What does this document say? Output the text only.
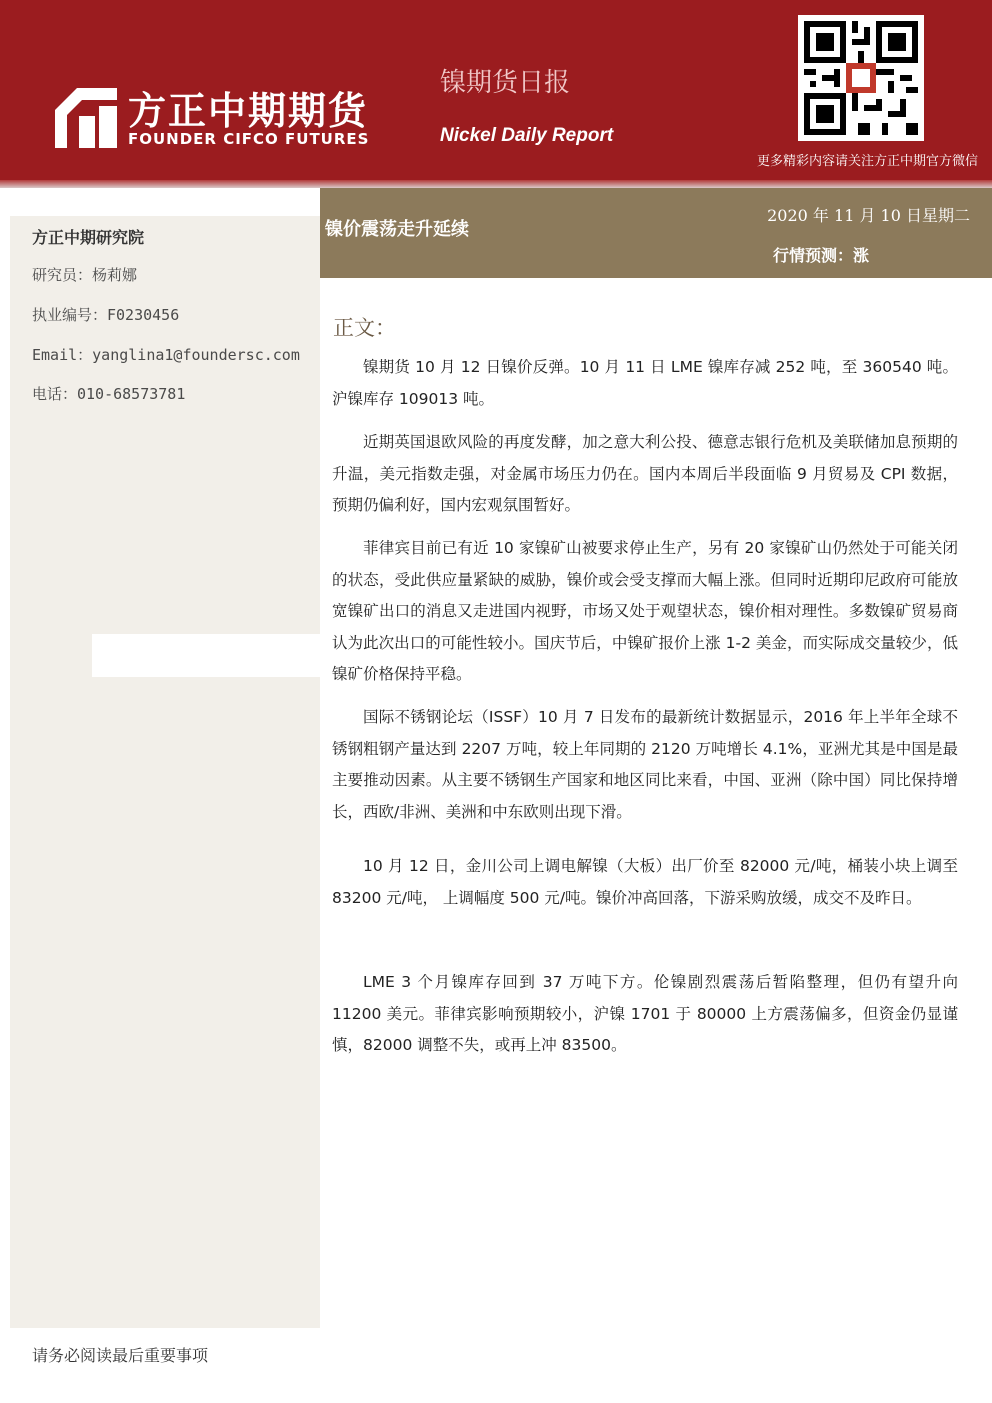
方正中期期货
FOUNDER CIFCO FUTURES
镍期货日报
Nickel Daily Report
更多精彩内容请关注方正中期官方微信
方正中期研究院
研究员：杨莉娜
执业编号：F0230456
Email：yanglina1@foundersc.com
电话：010-68573781
镍价震荡走升延续
2020 年 11 月 10 日星期二
行情预测：涨
正文：

镍期货 10 月 12 日镍价反弹。10 月 11 日 LME 镍库存减 252 吨，至 360540 吨。沪镍库存 109013 吨。

近期英国退欧风险的再度发酵，加之意大利公投、德意志银行危机及美联储加息预期的升温，美元指数走强，对金属市场压力仍在。国内本周后半段面临 9 月贸易及 CPI 数据，预期仍偏利好，国内宏观氛围暂好。

菲律宾目前已有近 10 家镍矿山被要求停止生产，另有 20 家镍矿山仍然处于可能关闭的状态，受此供应量紧缺的威胁，镍价或会受支撑而大幅上涨。但同时近期印尼政府可能放宽镍矿出口的消息又走进国内视野，市场又处于观望状态，镍价相对理性。多数镍矿贸易商认为此次出口的可能性较小。国庆节后，中镍矿报价上涨 1-2 美金，而实际成交量较少，低镍矿价格保持平稳。

国际不锈钢论坛（ISSF）10 月 7 日发布的最新统计数据显示，2016 年上半年全球不锈钢粗钢产量达到 2207 万吨，较上年同期的 2120 万吨增长 4.1%，亚洲尤其是中国是最主要推动因素。从主要不锈钢生产国家和地区同比来看，中国、亚洲（除中国）同比保持增长，西欧/非洲、美洲和中东欧则出现下滑。

10 月 12 日，金川公司上调电解镍（大板）出厂价至 82000 元/吨，桶装小块上调至 83200 元/吨， 上调幅度 500 元/吨。镍价冲高回落，下游采购放缓，成交不及昨日。

LME 3 个月镍库存回到 37 万吨下方。伦镍剧烈震荡后暂陷整理，但仍有望升向 11200 美元。菲律宾影响预期较小，沪镍 1701 于 80000 上方震荡偏多，但资金仍显谨慎，82000 调整不失，或再上冲 83500。

请务必阅读最后重要事项
